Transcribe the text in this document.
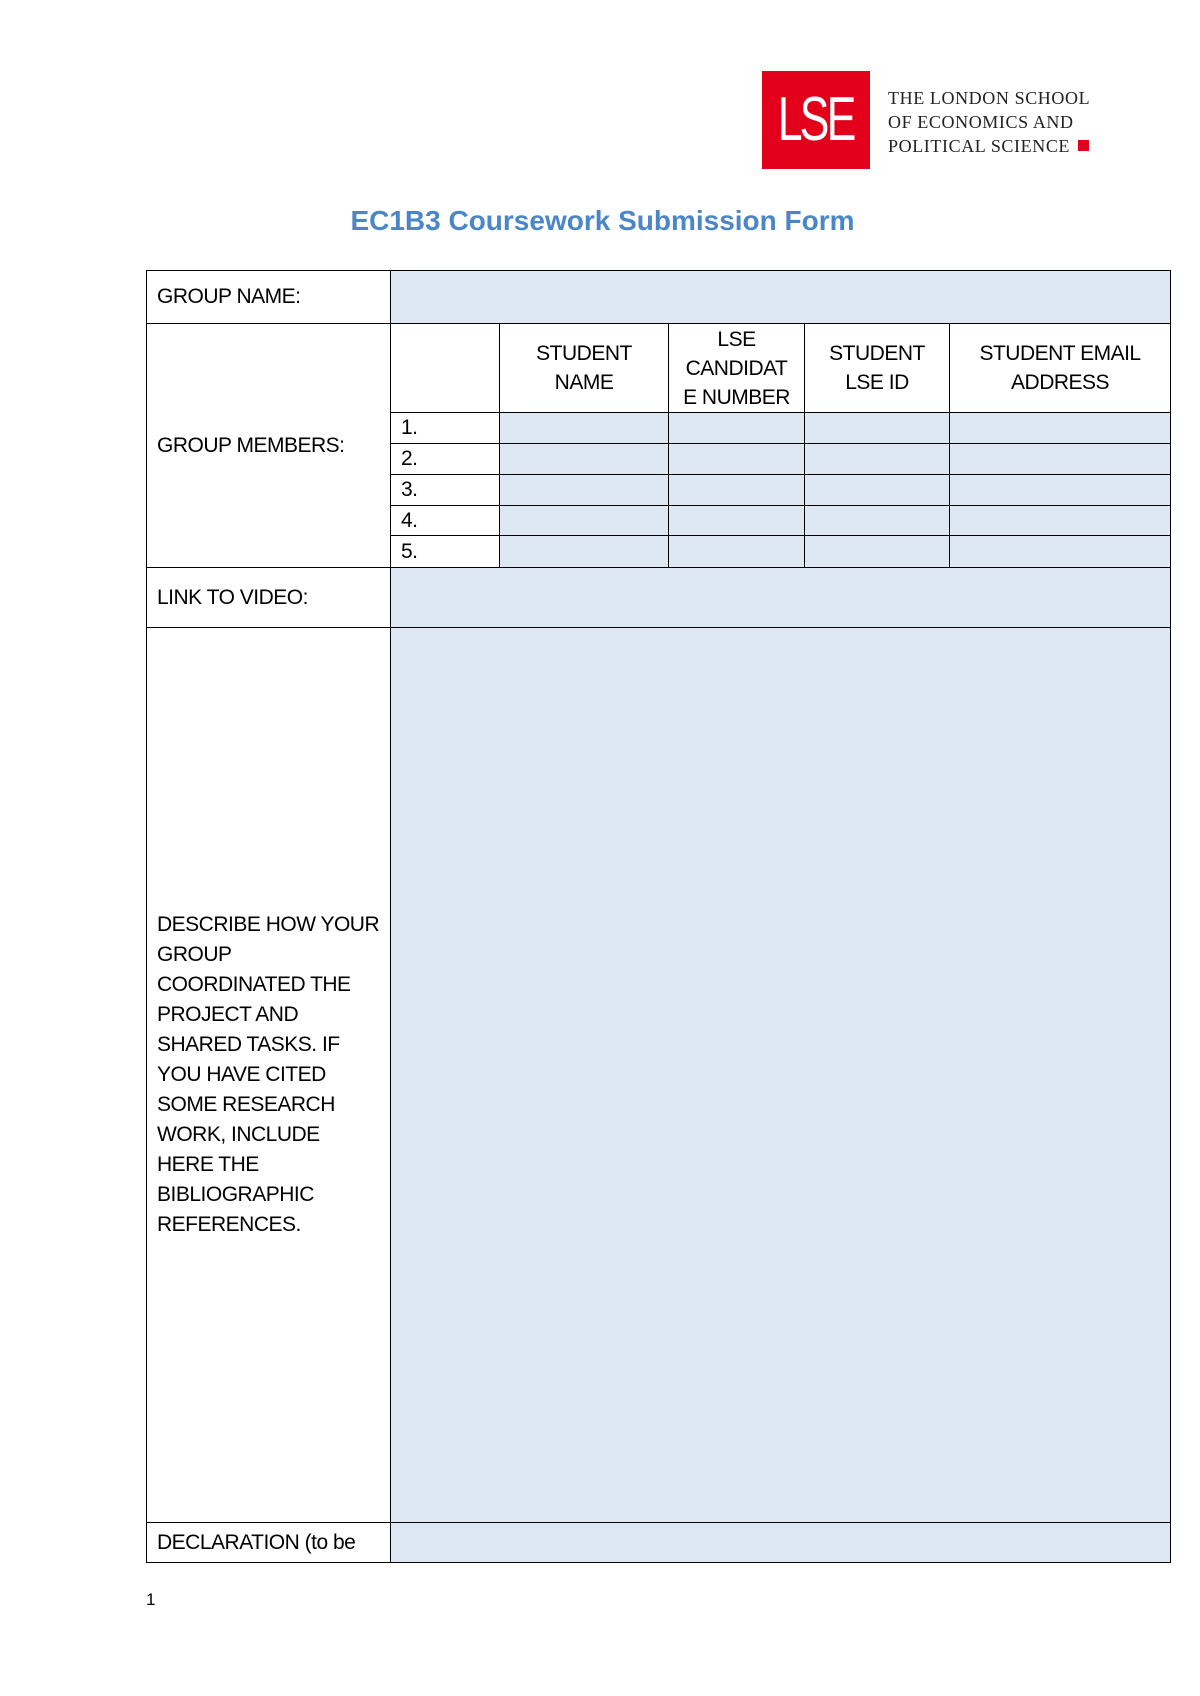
LSE THE LONDON SCHOOL
OF ECONOMICS AND
POLITICAL SCIENCE
EC1B3 Coursework Submission Form
GROUP NAME:					
GROUP MEMBERS:		STUDENT NAME	LSE CANDIDAT E NUMBER	STUDENT LSE ID	STUDENT EMAIL ADDRESS
	1.				
	2.				
	3.				
	4.				
	5.				
LINK TO VIDEO:					
DESCRIBE HOW YOUR GROUP COORDINATED THE PROJECT AND SHARED TASKS. IF YOU HAVE CITED SOME RESEARCH WORK, INCLUDE HERE THE BIBLIOGRAPHIC REFERENCES.					
DECLARATION (to be					
1
